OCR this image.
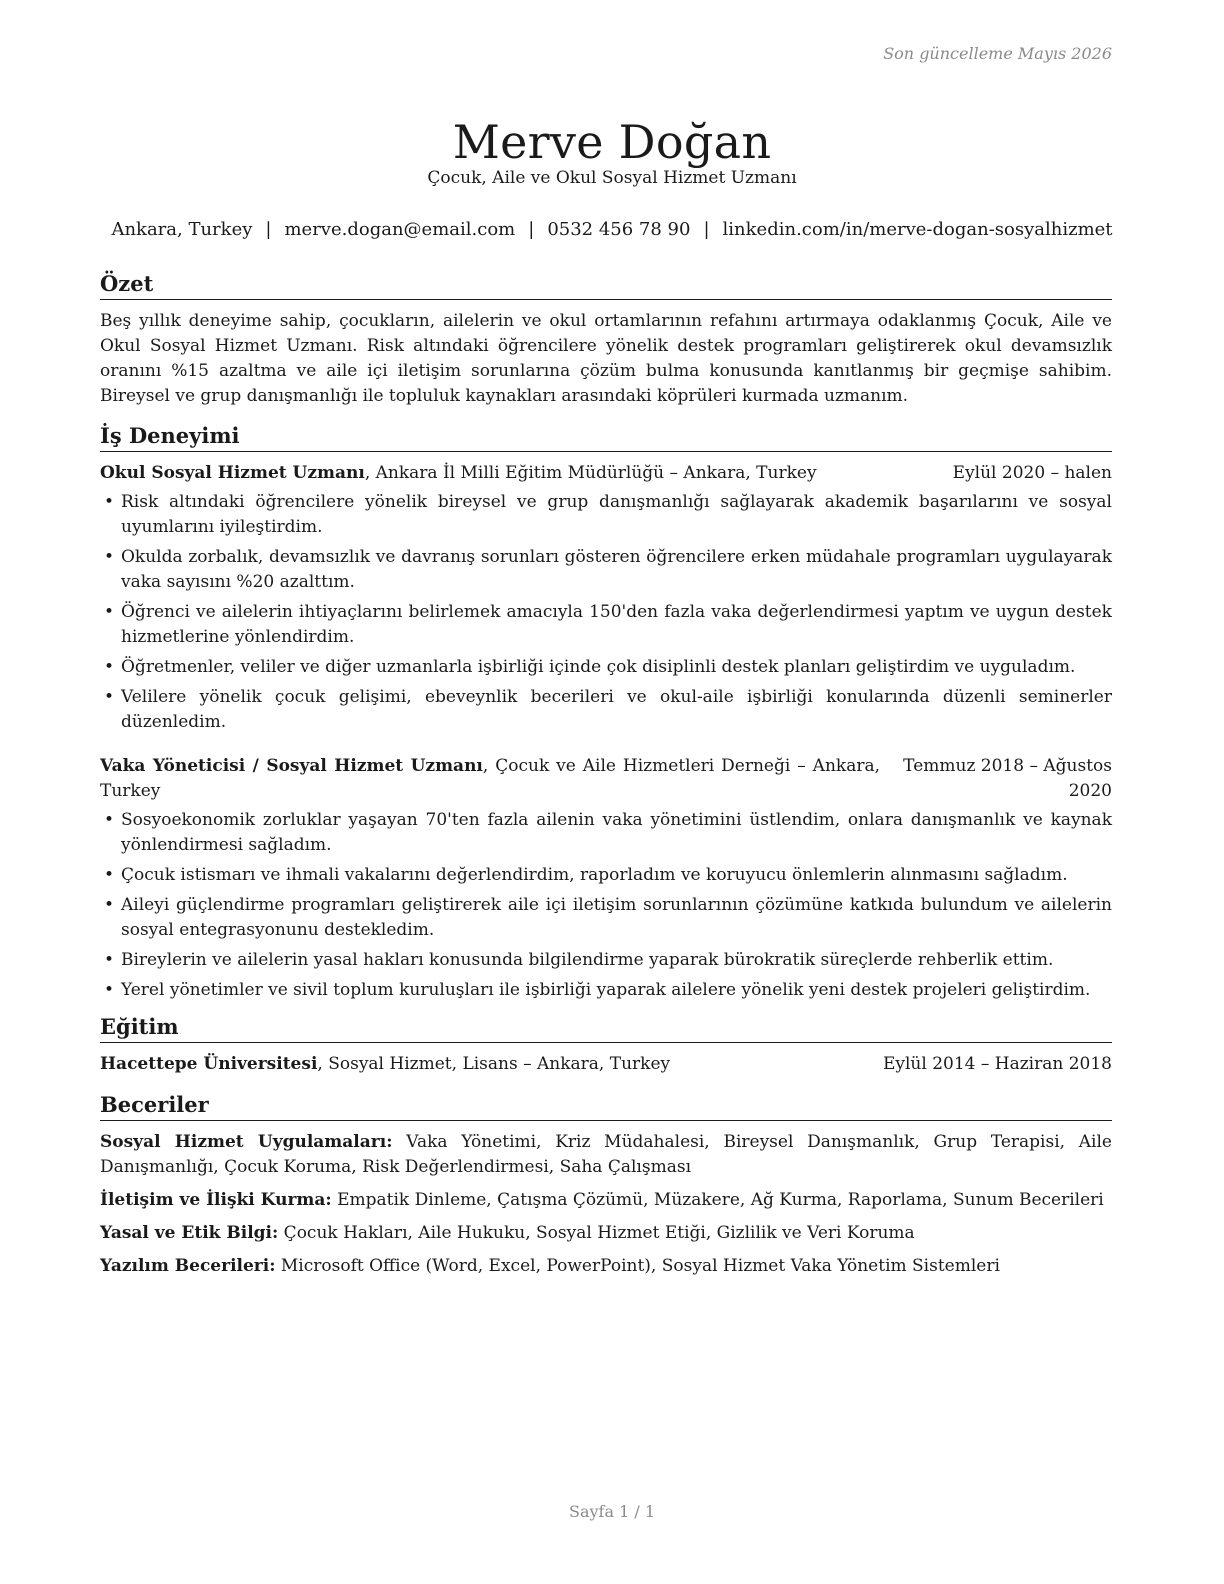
Son güncelleme Mayıs 2026
Merve Doğan
Çocuk, Aile ve Okul Sosyal Hizmet Uzmanı
Ankara, Turkey | merve.dogan@email.com | 0532 456 78 90 | linkedin.com/in/merve-dogan-sosyalhizmet
Özet

Beş yıllık deneyime sahip, çocukların, ailelerin ve okul ortamlarının refahını artırmaya odaklanmış Çocuk, Aile ve Okul Sosyal Hizmet Uzmanı. Risk altındaki öğrencilere yönelik destek programları geliştirerek okul devamsızlık oranını %15 azaltma ve aile içi iletişim sorunlarına çözüm bulma konusunda kanıtlanmış bir geçmişe sahibim. Bireysel ve grup danışmanlığı ile topluluk kaynakları arasındaki köprüleri kurmada uzmanım.

İş Deneyimi
Okul Sosyal Hizmet Uzmanı, Ankara İl Milli Eğitim Müdürlüğü – Ankara, Turkey	Eylül 2020 – halen
• Risk altındaki öğrencilere yönelik bireysel ve grup danışmanlığı sağlayarak akademik başarılarını ve sosyal uyumlarını iyileştirdim.
• Okulda zorbalık, devamsızlık ve davranış sorunları gösteren öğrencilere erken müdahale programları uygulayarak vaka sayısını %20 azalttım.
• Öğrenci ve ailelerin ihtiyaçlarını belirlemek amacıyla 150'den fazla vaka değerlendirmesi yaptım ve uygun destek hizmetlerine yönlendirdim.
• Öğretmenler, veliler ve diğer uzmanlarla işbirliği içinde çok disiplinli destek planları geliştirdim ve uyguladım.
• Velilere yönelik çocuk gelişimi, ebeveynlik becerileri ve okul-aile işbirliği konularında düzenli seminerler düzenledim.
Vaka Yöneticisi / Sosyal Hizmet Uzmanı, Çocuk ve Aile Hizmetleri Derneği – Ankara, Turkey
Temmuz 2018 – Ağustos 2020
• Sosyoekonomik zorluklar yaşayan 70'ten fazla ailenin vaka yönetimini üstlendim, onlara danışmanlık ve kaynak yönlendirmesi sağladım.
• Çocuk istismarı ve ihmali vakalarını değerlendirdim, raporladım ve koruyucu önlemlerin alınmasını sağladım.
• Aileyi güçlendirme programları geliştirerek aile içi iletişim sorunlarının çözümüne katkıda bulundum ve ailelerin sosyal entegrasyonunu destekledim.
• Bireylerin ve ailelerin yasal hakları konusunda bilgilendirme yaparak bürokratik süreçlerde rehberlik ettim.
• Yerel yönetimler ve sivil toplum kuruluşları ile işbirliği yaparak ailelere yönelik yeni destek projeleri geliştirdim.
Eğitim
Hacettepe Üniversitesi, Sosyal Hizmet, Lisans – Ankara, Turkey	Eylül 2014 – Haziran 2018
Beceriler
Sosyal Hizmet Uygulamaları: Vaka Yönetimi, Kriz Müdahalesi, Bireysel Danışmanlık, Grup Terapisi, Aile Danışmanlığı, Çocuk Koruma, Risk Değerlendirmesi, Saha Çalışması
İletişim ve İlişki Kurma: Empatik Dinleme, Çatışma Çözümü, Müzakere, Ağ Kurma, Raporlama, Sunum Becerileri
Yasal ve Etik Bilgi: Çocuk Hakları, Aile Hukuku, Sosyal Hizmet Etiği, Gizlilik ve Veri Koruma
Yazılım Becerileri: Microsoft Office (Word, Excel, PowerPoint), Sosyal Hizmet Vaka Yönetim Sistemleri
Sayfa 1 / 1
